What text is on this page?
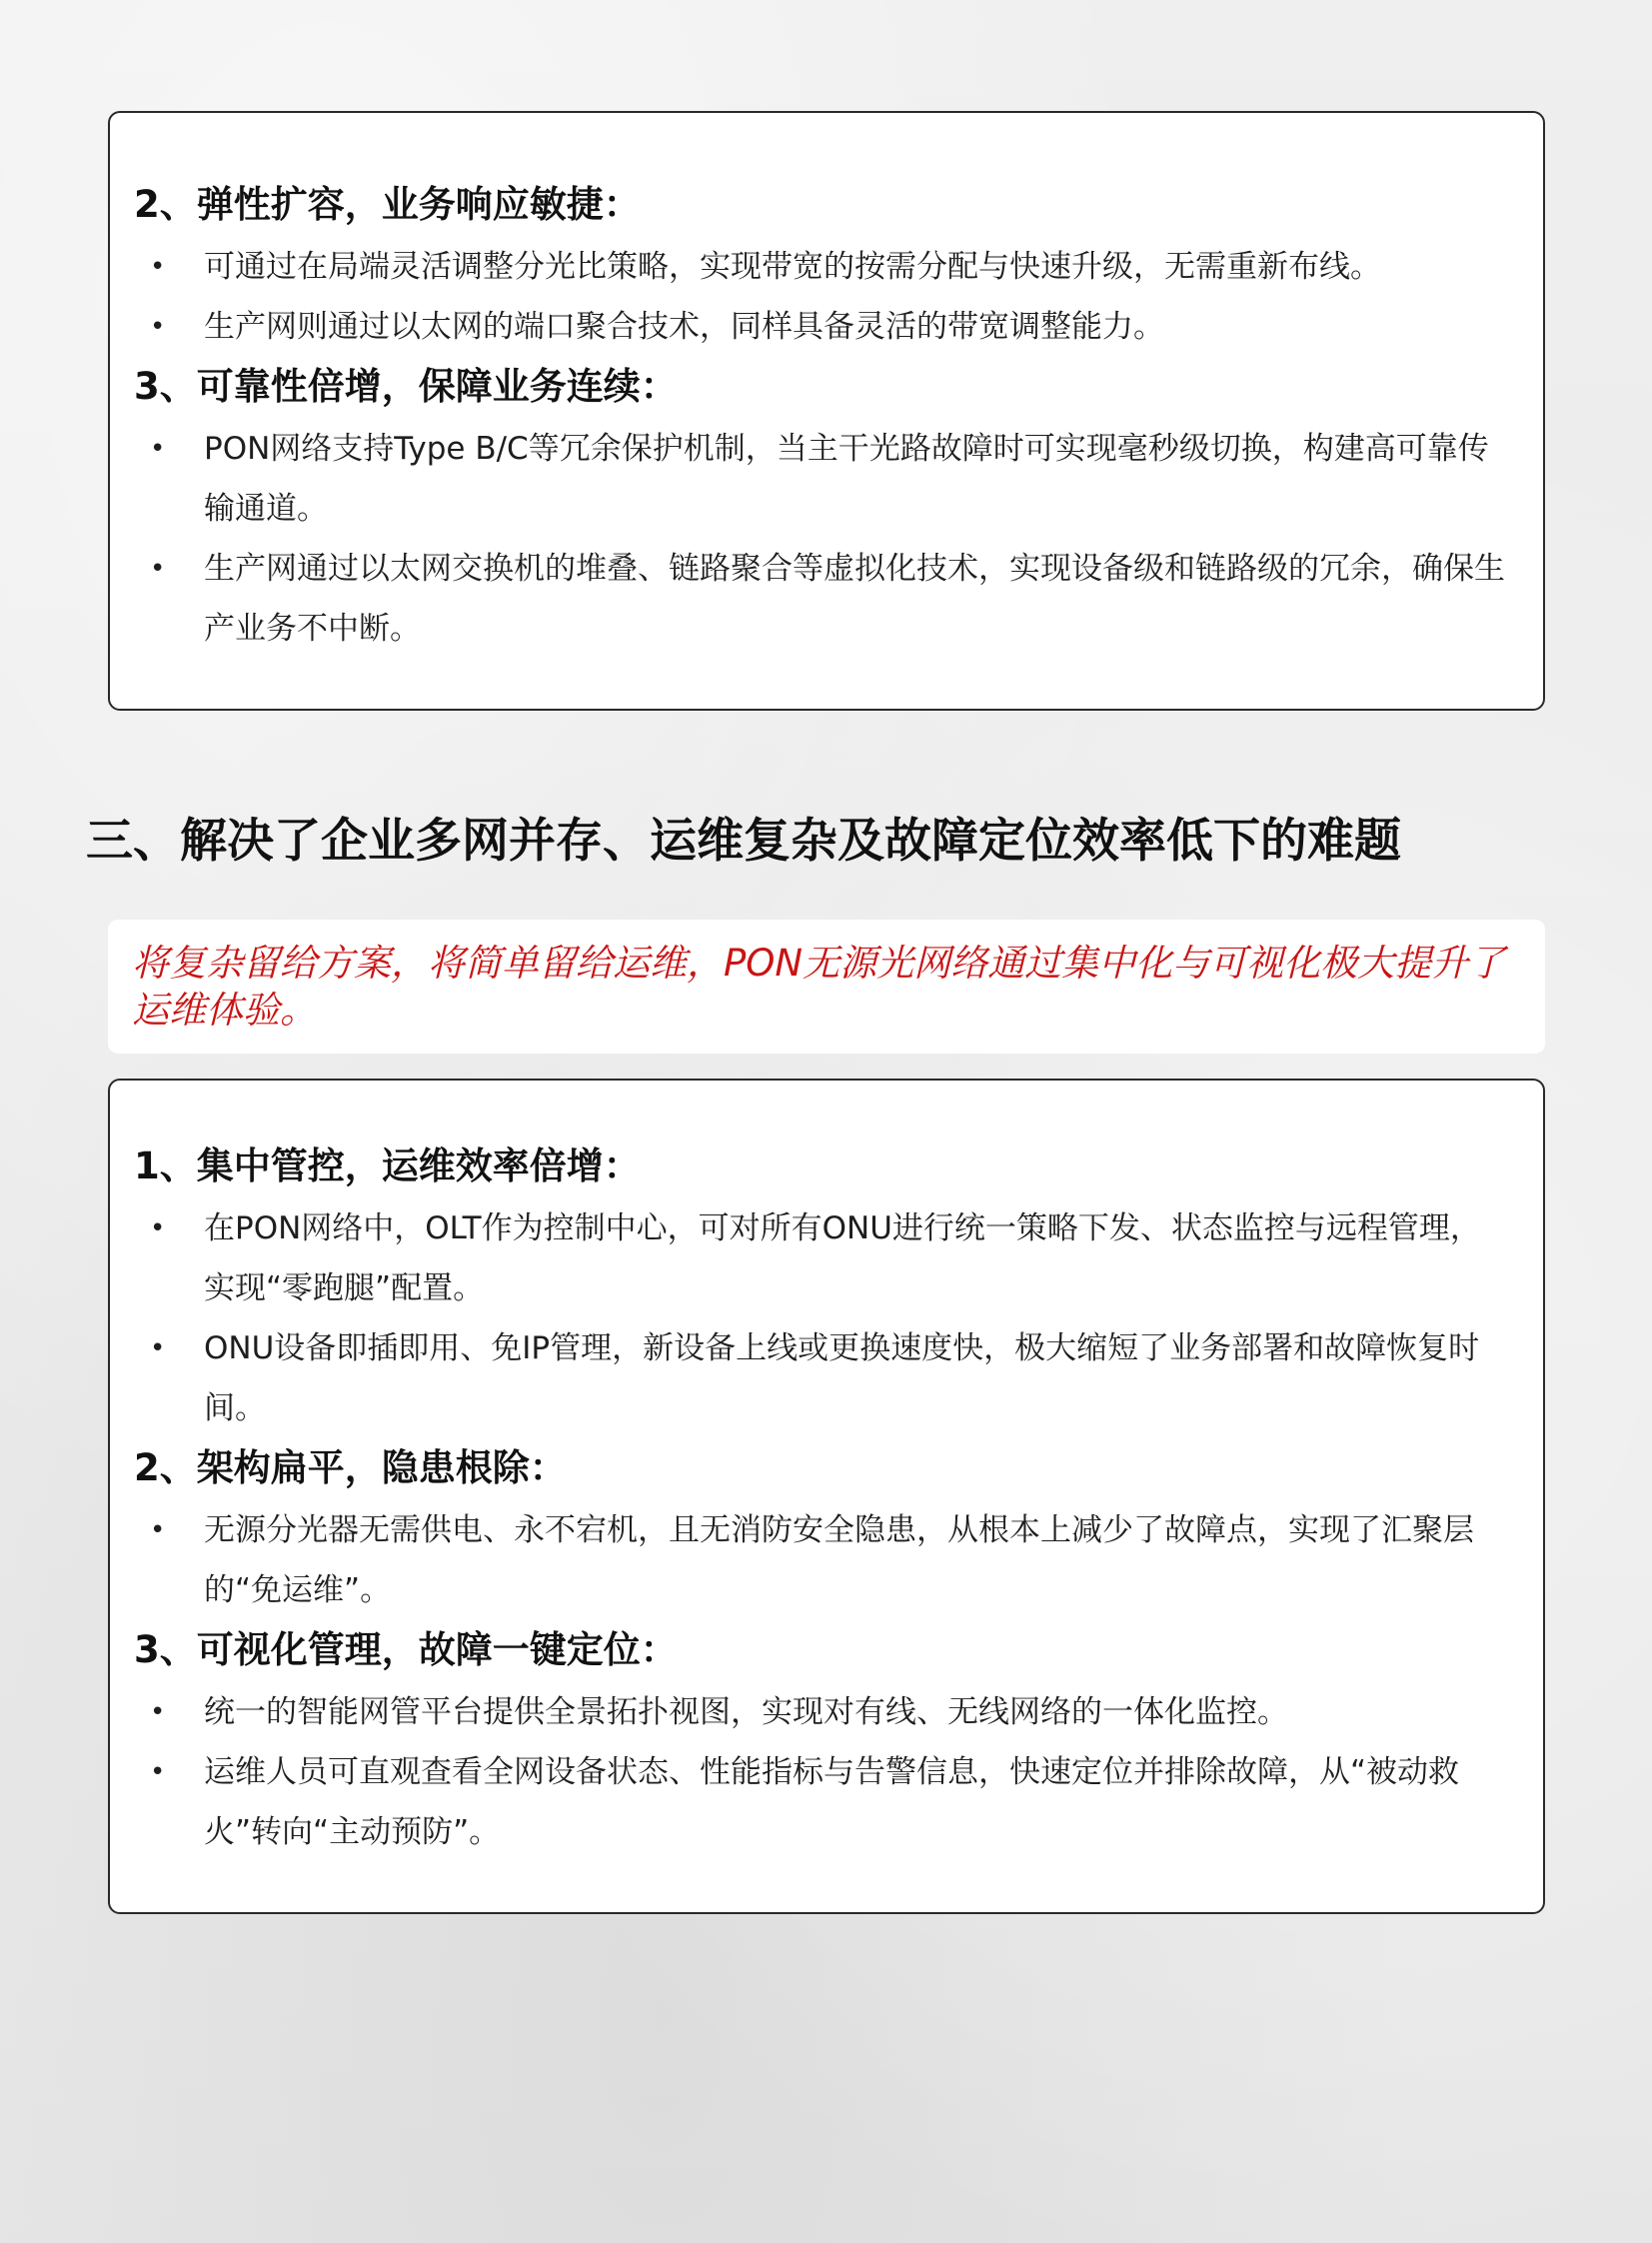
2、弹性扩容，业务响应敏捷：
• 可通过在局端灵活调整分光比策略，实现带宽的按需分配与快速升级，无需重新布线。
• 生产网则通过以太网的端口聚合技术，同样具备灵活的带宽调整能力。
3、可靠性倍增，保障业务连续：
• PON网络支持Type B/C等冗余保护机制，当主干光路故障时可实现毫秒级切换，构建高可靠传输通道。
• 生产网通过以太网交换机的堆叠、链路聚合等虚拟化技术，实现设备级和链路级的冗余，确保生产业务不中断。
三、解决了企业多网并存、运维复杂及故障定位效率低下的难题
将复杂留给方案，将简单留给运维，PON无源光网络通过集中化与可视化极大提升了运维体验。
1、集中管控，运维效率倍增：
• 在PON网络中，OLT作为控制中心，可对所有ONU进行统一策略下发、状态监控与远程管理，实现“零跑腿”配置。
• ONU设备即插即用、免IP管理，新设备上线或更换速度快，极大缩短了业务部署和故障恢复时间。
2、架构扁平，隐患根除：
• 无源分光器无需供电、永不宕机，且无消防安全隐患，从根本上减少了故障点，实现了汇聚层的“免运维”。
3、可视化管理，故障一键定位：
• 统一的智能网管平台提供全景拓扑视图，实现对有线、无线网络的一体化监控。
• 运维人员可直观查看全网设备状态、性能指标与告警信息，快速定位并排除故障，从“被动救火”转向“主动预防”。
